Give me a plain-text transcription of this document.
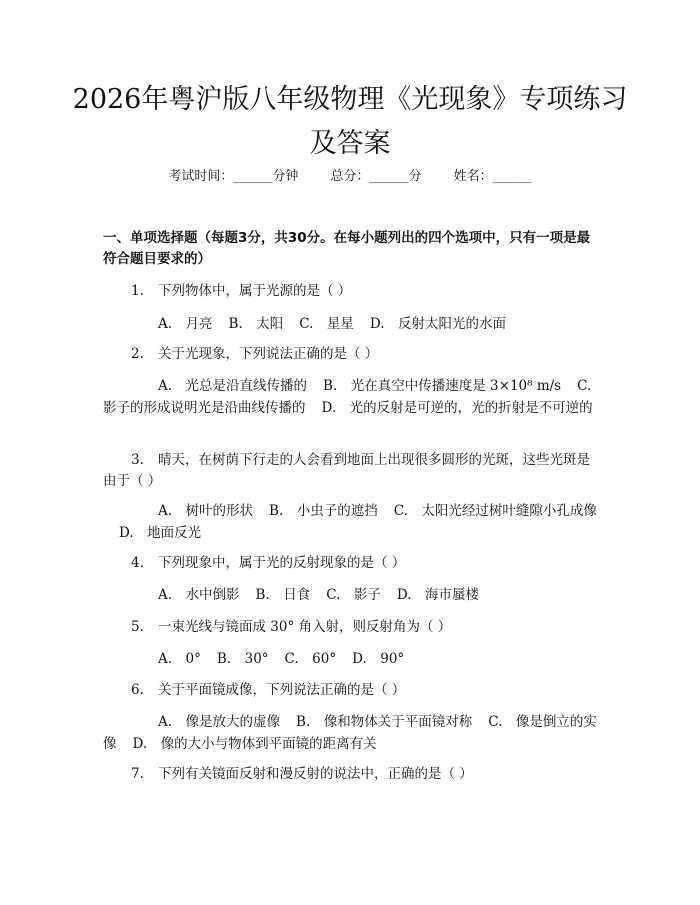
2026年粤沪版八年级物理《光现象》专项练习及答案
考试时间：______分钟 总分：______分 姓名：______
一、单项选择题（每题3分，共30分。在每小题列出的四个选项中，只有一项是最符合题目要求的）

1. 下列物体中，属于光源的是（ ）

A.　月亮 B.　太阳 C.　星星 D.　反射太阳光的水面

2. 关于光现象，下列说法正确的是（ ）

A.　光总是沿直线传播的 B.　光在真空中传播速度是 3×10⁸ m/s C.　影子的形成说明光是沿曲线传播的 D.　光的反射是可逆的，光的折射是不可逆的

3. 晴天，在树荫下行走的人会看到地面上出现很多圆形的光斑，这些光斑是由于（ ）

A.　树叶的形状 B.　小虫子的遮挡 C.　太阳光经过树叶缝隙小孔成像D.　地面反光

4. 下列现象中，属于光的反射现象的是（ ）

A.　水中倒影 B.　日食 C.　影子 D.　海市蜃楼

5. 一束光线与镜面成 30° 角入射，则反射角为（ ）

A.　0° B.　30° C.　60° D.　90°

6. 关于平面镜成像，下列说法正确的是（ ）

A.　像是放大的虚像 B.　像和物体关于平面镜对称 C.　像是倒立的实像 D.　像的大小与物体到平面镜的距离有关

7. 下列有关镜面反射和漫反射的说法中，正确的是（ ）
